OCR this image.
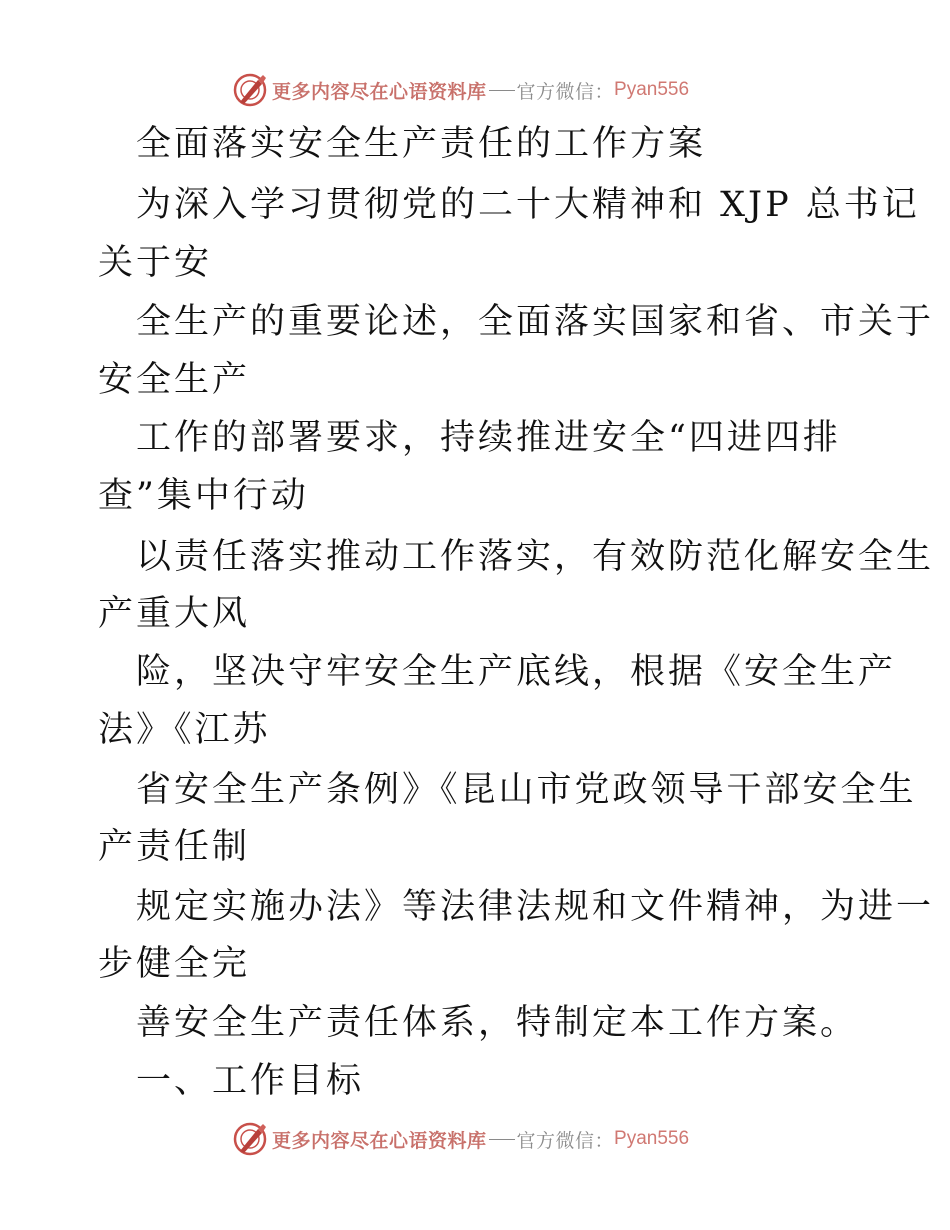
更多内容尽在心语资料库 官方微信： Pyan556
全面落实安全生产责任的工作方案
为深入学习贯彻党的二十大精神和 XJP 总书记
关于安
全生产的重要论述，全面落实国家和省、市关于
安全生产
工作的部署要求，持续推进安全“四进四排
查”集中行动
以责任落实推动工作落实，有效防范化解安全生
产重大风
险，坚决守牢安全生产底线，根据《安全生产
法》《江苏
省安全生产条例》《昆山市党政领导干部安全生
产责任制
规定实施办法》等法律法规和文件精神，为进一
步健全完
善安全生产责任体系，特制定本工作方案。
一、工作目标
更多内容尽在心语资料库 官方微信： Pyan556
